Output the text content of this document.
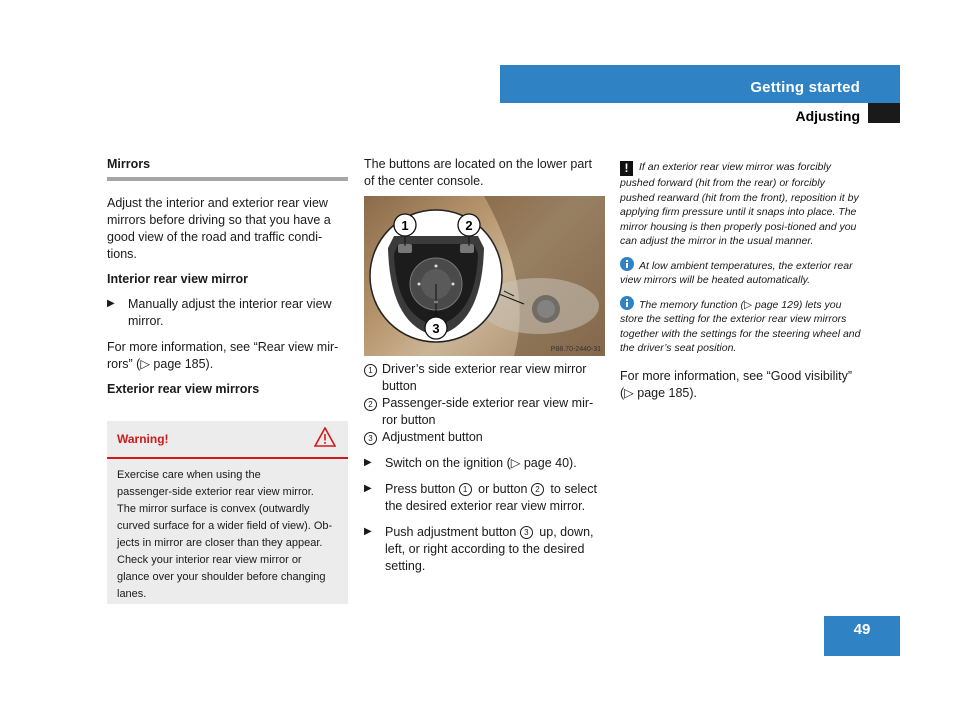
Getting started
Adjusting
Mirrors

Adjust the interior and exterior rear view mirrors before driving so that you have a good view of the road and traffic condi-tions.

Interior rear view mirror
▶ Manually adjust the interior rear view mirror.

For more information, see “Rear view mir-rors” (▷ page 185).

Exterior rear view mirrors
Warning!
Exercise care when using the
passenger-side exterior rear view mirror.
The mirror surface is convex (outwardly
curved surface for a wider field of view). Ob-
jects in mirror are closer than they appear.
Check your interior rear view mirror or
glance over your shoulder before changing
lanes.

The buttons are located on the lower part of the center console.

1	2
3
P88.70-2440-31
1 Driver’s side exterior rear view mirror button
2 Passenger-side exterior rear view mir-ror button
3 Adjustment button
▶ Switch on the ignition (▷ page 40).
▶ Press button 1 or button 2 to select the desired exterior rear view mirror.
▶ Push adjustment button 3 up, down, left, or right according to the desired setting.

! If an exterior rear view mirror was forcibly pushed forward (hit from the rear) or forcibly pushed rearward (hit from the front), reposition it by applying firm pressure until it snaps into place. The mirror housing is then properly posi-tioned and you can adjust the mirror in the usual manner.

At low ambient temperatures, the exterior rear view mirrors will be heated automatically.

The memory function (▷ page 129) lets you store the setting for the exterior rear view mirrors together with the settings for the steering wheel and the driver’s seat position.

For more information, see “Good visibility” (▷ page 185).

49
